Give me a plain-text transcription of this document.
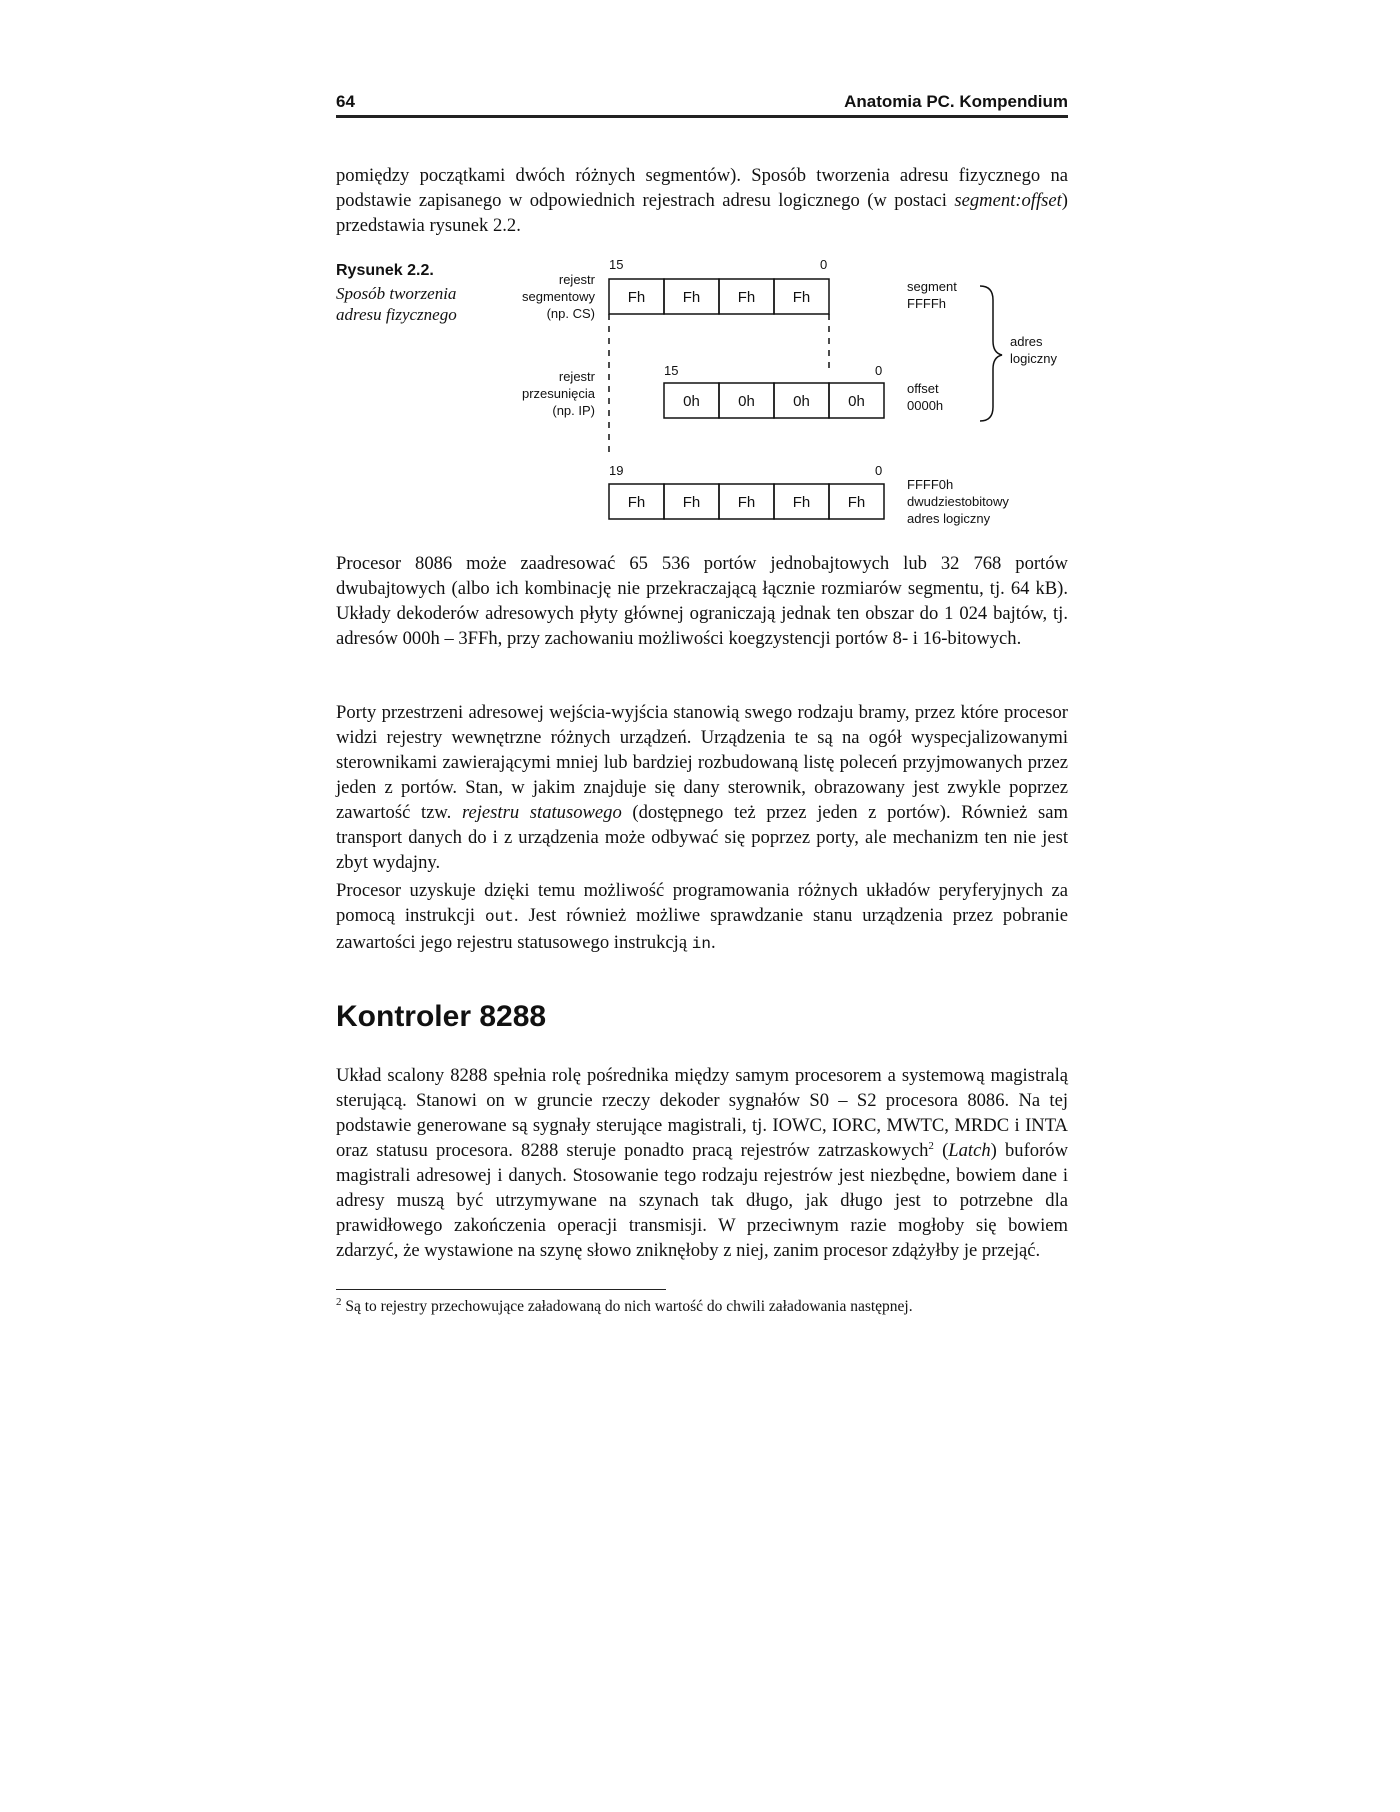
64	Anatomia PC. Kompendium

pomiędzy początkami dwóch różnych segmentów). Sposób tworzenia adresu fizycznego na podstawie zapisanego w odpowiednich rejestrach adresu logicznego (w postaci segment:offset) przedstawia rysunek 2.2.

Rysunek 2.2.
Sposób tworzenia adresu fizycznego
rejestr
segmentowy
(np. CS)
15	0
Fh Fh Fh Fh
rejestr
przesunięcia
(np. IP)
15	0
0h	0h	0h	0h
19	0
Fh Fh Fh Fh Fh
segment
FFFFh
offset
0000h
adres
logiczny
FFFF0h
dwudziestobitowy
adres logiczny

Procesor 8086 może zaadresować 65 536 portów jednobajtowych lub 32 768 portów dwubajtowych (albo ich kombinację nie przekraczającą łącznie rozmiarów segmentu, tj. 64 kB). Układy dekoderów adresowych płyty głównej ograniczają jednak ten obszar do 1 024 bajtów, tj. adresów 000h – 3FFh, przy zachowaniu możliwości koegzystencji portów 8- i 16-bitowych.

Porty przestrzeni adresowej wejścia-wyjścia stanowią swego rodzaju bramy, przez które procesor widzi rejestry wewnętrzne różnych urządzeń. Urządzenia te są na ogół wyspecjalizowanymi sterownikami zawierającymi mniej lub bardziej rozbudowaną listę poleceń przyjmowanych przez jeden z portów. Stan, w jakim znajduje się dany sterownik, obrazowany jest zwykle poprzez zawartość tzw. rejestru statusowego (dostępnego też przez jeden z portów). Również sam transport danych do i z urządzenia może odbywać się poprzez porty, ale mechanizm ten nie jest zbyt wydajny.

Procesor uzyskuje dzięki temu możliwość programowania różnych układów peryferyjnych za pomocą instrukcji out. Jest również możliwe sprawdzanie stanu urządzenia przez pobranie zawartości jego rejestru statusowego instrukcją in.

Kontroler 8288

Układ scalony 8288 spełnia rolę pośrednika między samym procesorem a systemową magistralą sterującą. Stanowi on w gruncie rzeczy dekoder sygnałów S0 – S2 procesora 8086. Na tej podstawie generowane są sygnały sterujące magistrali, tj. IOWC, IORC, MWTC, MRDC i INTA oraz statusu procesora. 8288 steruje ponadto pracą rejestrów zatrzaskowych$^2$ (Latch) buforów magistrali adresowej i danych. Stosowanie tego rodzaju rejestrów jest niezbędne, bowiem dane i adresy muszą być utrzymywane na szynach tak długo, jak długo jest to potrzebne dla prawidłowego zakończenia operacji transmisji. W przeciwnym razie mogłoby się bowiem zdarzyć, że wystawione na szynę słowo zniknęłoby z niej, zanim procesor zdążyłby je przejąć.

$^2$ Są to rejestry przechowujące załadowaną do nich wartość do chwili załadowania następnej.
